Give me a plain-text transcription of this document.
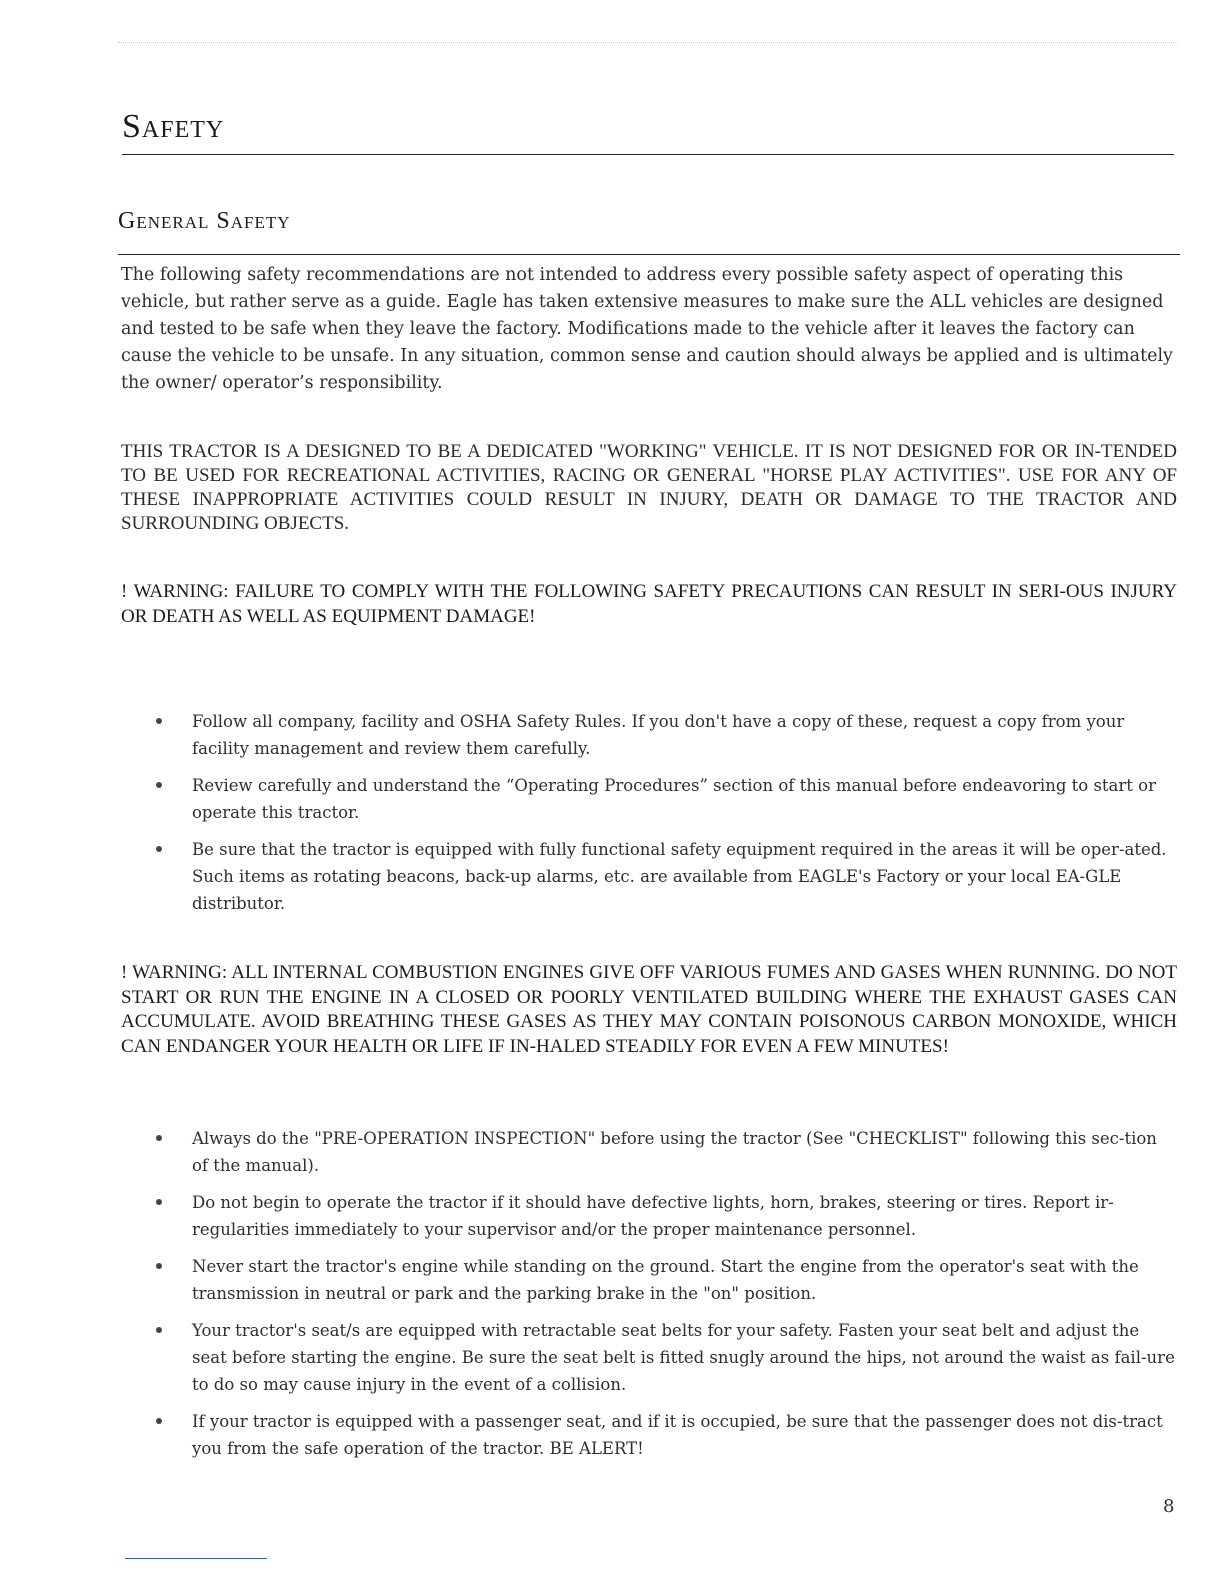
Safety
General Safety

The following safety recommendations are not intended to address every possible safety aspect of operating this vehicle, but rather serve as a guide. Eagle has taken extensive measures to make sure the ALL vehicles are designed and tested to be safe when they leave the factory. Modifications made to the vehicle after it leaves the factory can cause the vehicle to be unsafe. In any situation, common sense and caution should always be applied and is ultimately the owner/ operator’s responsibility.

THIS TRACTOR IS A DESIGNED TO BE A DEDICATED "WORKING" VEHICLE. IT IS NOT DESIGNED FOR OR IN-TENDED TO BE USED FOR RECREATIONAL ACTIVITIES, RACING OR GENERAL "HORSE PLAY ACTIVITIES". USE FOR ANY OF THESE INAPPROPRIATE ACTIVITIES COULD RESULT IN INJURY, DEATH OR DAMAGE TO THE TRACTOR AND SURROUNDING OBJECTS.

! WARNING: FAILURE TO COMPLY WITH THE FOLLOWING SAFETY PRECAUTIONS CAN RESULT IN SERI-OUS INJURY OR DEATH AS WELL AS EQUIPMENT DAMAGE!

Follow all company, facility and OSHA Safety Rules. If you don't have a copy of these, request a copy from your facility management and review them carefully.
Review carefully and understand the “Operating Procedures” section of this manual before endeavoring to start or operate this tractor.
Be sure that the tractor is equipped with fully functional safety equipment required in the areas it will be oper-ated. Such items as rotating beacons, back-up alarms, etc. are available from EAGLE's Factory or your local EA-GLE distributor.

! WARNING: ALL INTERNAL COMBUSTION ENGINES GIVE OFF VARIOUS FUMES AND GASES WHEN RUNNING. DO NOT START OR RUN THE ENGINE IN A CLOSED OR POORLY VENTILATED BUILDING WHERE THE EXHAUST GASES CAN ACCUMULATE. AVOID BREATHING THESE GASES AS THEY MAY CONTAIN POISONOUS CARBON MONOXIDE, WHICH CAN ENDANGER YOUR HEALTH OR LIFE IF IN-HALED STEADILY FOR EVEN A FEW MINUTES!

Always do the "PRE-OPERATION INSPECTION" before using the tractor (See "CHECKLIST" following this sec-tion of the manual).
Do not begin to operate the tractor if it should have defective lights, horn, brakes, steering or tires. Report ir-regularities immediately to your supervisor and/or the proper maintenance personnel.
Never start the tractor's engine while standing on the ground. Start the engine from the operator's seat with the transmission in neutral or park and the parking brake in the "on" position.
Your tractor's seat/s are equipped with retractable seat belts for your safety. Fasten your seat belt and adjust the seat before starting the engine. Be sure the seat belt is fitted snugly around the hips, not around the waist as fail-ure to do so may cause injury in the event of a collision.
If your tractor is equipped with a passenger seat, and if it is occupied, be sure that the passenger does not dis-tract you from the safe operation of the tractor. BE ALERT!
8
